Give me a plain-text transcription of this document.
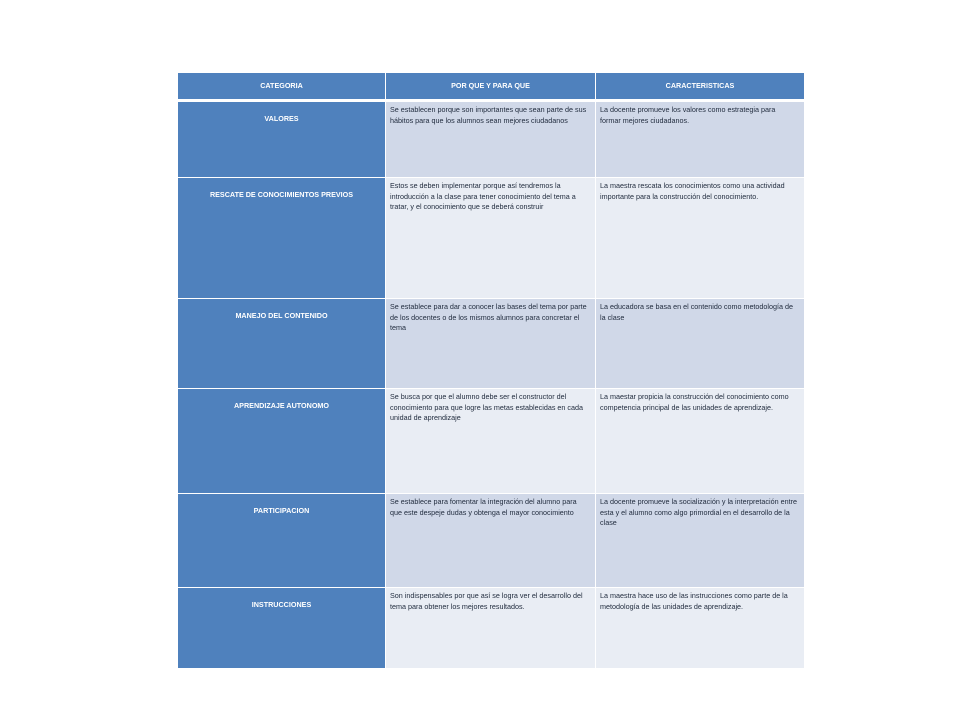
CATEGORIA	POR QUE Y PARA QUE	CARACTERISTICAS
VALORES
Se establecen porque son importantes que sean parte de sus hábitos para que los alumnos sean mejores ciudadanos
La docente promueve los valores como estrategia para formar mejores ciudadanos.
RESCATE DE CONOCIMIENTOS PREVIOS
Estos se deben implementar porque así tendremos la introducción a la clase para tener conocimiento del tema a tratar, y el conocimiento que se deberá construir
La maestra rescata los conocimientos como una actividad importante para la construcción del conocimiento.
MANEJO DEL CONTENIDO
Se establece para dar a conocer las bases del tema por parte de los docentes o de los mismos alumnos para concretar el tema
La educadora se basa en el contenido como metodología de la clase
APRENDIZAJE AUTONOMO
Se busca por que el alumno debe ser el constructor del conocimiento para que logre las metas establecidas en cada unidad de aprendizaje
La maestar propicia la construcción del conocimiento como competencia principal de las unidades de aprendizaje.
PARTICIPACION
Se establece para fomentar la integración del alumno para que este despeje dudas y obtenga el mayor conocimiento
La docente promueve la socialización y la interpretación entre esta y el alumno como algo primordial en el desarrollo de la clase
INSTRUCCIONES
Son indispensables por que así se logra ver el desarrollo del tema para obtener los mejores resultados.
La maestra hace uso de las instrucciones como parte de la metodología de las unidades de aprendizaje.
